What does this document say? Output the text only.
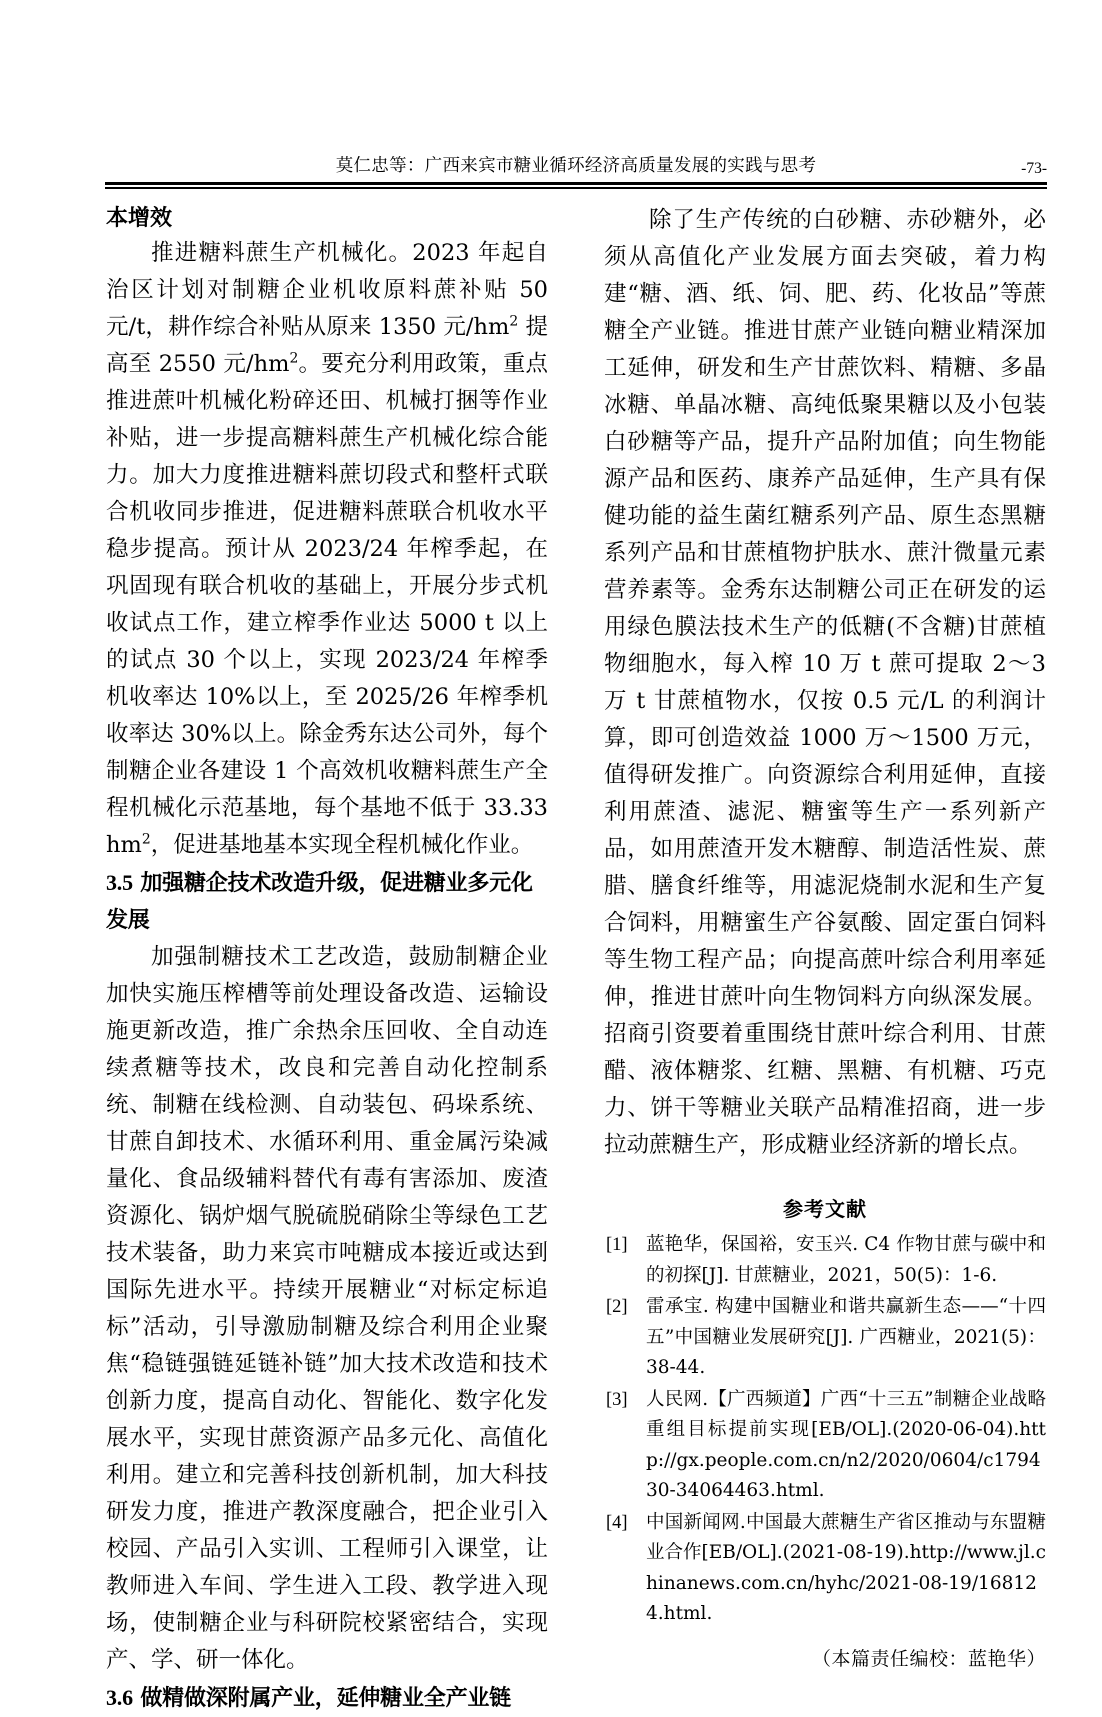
莫仁忠等：广西来宾市糖业循环经济高质量发展的实践与思考	-73-
本增效

推进糖料蔗生产机械化。2023 年起自治区计划对制糖企业机收原料蔗补贴 50 元/t，耕作综合补贴从原来 1350 元$/hm^2$ 提高至 2550 元$/hm^2$。要充分利用政策，重点推进蔗叶机械化粉碎还田、机械打捆等作业补贴，进一步提高糖料蔗生产机械化综合能力。加大力度推进糖料蔗切段式和整杆式联合机收同步推进，促进糖料蔗联合机收水平稳步提高。预计从 2023/24 年榨季起，在巩固现有联合机收的基础上，开展分步式机收试点工作，建立榨季作业达 5000 t 以上的试点 30 个以上，实现 2023/24 年榨季机收率达 10%以上，至 2025/26 年榨季机收率达 30%以上。除金秀东达公司外，每个制糖企业各建设 1 个高效机收糖料蔗生产全程机械化示范基地，每个基地不低于 33.33 $hm^2$，促进基地基本实现全程机械化作业。

3.5 加强糖企技术改造升级，促进糖业多元化发展

加强制糖技术工艺改造，鼓励制糖企业加快实施压榨槽等前处理设备改造、运输设施更新改造，推广余热余压回收、全自动连续煮糖等技术，改良和完善自动化控制系统、制糖在线检测、自动装包、码垛系统、甘蔗自卸技术、水循环利用、重金属污染减量化、食品级辅料替代有毒有害添加、废渣资源化、锅炉烟气脱硫脱硝除尘等绿色工艺技术装备，助力来宾市吨糖成本接近或达到国际先进水平。持续开展糖业“对标定标追标”活动，引导激励制糖及综合利用企业聚焦“稳链强链延链补链”加大技术改造和技术创新力度，提高自动化、智能化、数字化发展水平，实现甘蔗资源产品多元化、高值化利用。建立和完善科技创新机制，加大科技研发力度，推进产教深度融合，把企业引入校园、产品引入实训、工程师引入课堂，让教师进入车间、学生进入工段、教学进入现场，使制糖企业与科研院校紧密结合，实现产、学、研一体化。

3.6 做精做深附属产业，延伸糖业全产业链

除了生产传统的白砂糖、赤砂糖外，必须从高值化产业发展方面去突破，着力构建“糖、酒、纸、饲、肥、药、化妆品”等蔗糖全产业链。推进甘蔗产业链向糖业精深加工延伸，研发和生产甘蔗饮料、精糖、多晶冰糖、单晶冰糖、高纯低聚果糖以及小包装白砂糖等产品，提升产品附加值；向生物能源产品和医药、康养产品延伸，生产具有保健功能的益生菌红糖系列产品、原生态黑糖系列产品和甘蔗植物护肤水、蔗汁微量元素营养素等。金秀东达制糖公司正在研发的运用绿色膜法技术生产的低糖(不含糖)甘蔗植物细胞水，每入榨 10 万 t 蔗可提取 2～3 万 t 甘蔗植物水，仅按 0.5 元/L 的利润计算，即可创造效益 1000 万～1500 万元，值得研发推广。向资源综合利用延伸，直接利用蔗渣、滤泥、糖蜜等生产一系列新产品，如用蔗渣开发木糖醇、制造活性炭、蔗腊、膳食纤维等，用滤泥烧制水泥和生产复合饲料，用糖蜜生产谷氨酸、固定蛋白饲料等生物工程产品；向提高蔗叶综合利用率延伸，推进甘蔗叶向生物饲料方向纵深发展。招商引资要着重围绕甘蔗叶综合利用、甘蔗醋、液体糖浆、红糖、黑糖、有机糖、巧克力、饼干等糖业关联产品精准招商，进一步拉动蔗糖生产，形成糖业经济新的增长点。

参考文献
[1] 蓝艳华，保国裕，安玉兴. C4 作物甘蔗与碳中和的初探[J]. 甘蔗糖业，2021，50(5)：1-6.
[2] 雷承宝. 构建中国糖业和谐共赢新生态——“十四五”中国糖业发展研究[J]. 广西糖业，2021(5)：38-44.
[3] 人民网.【广西频道】广西“十三五”制糖企业战略重组目标提前实现[EB/OL].(2020-06-04).http://gx.people.com.cn/n2/2020/0604/c179430-34064463.html.
[4] 中国新闻网.中国最大蔗糖生产省区推动与东盟糖业合作[EB/OL].(2021-08-19).http://www.jl.chinanews.com.cn/hyhc/2021-08-19/168124.html.
（本篇责任编校：蓝艳华）
